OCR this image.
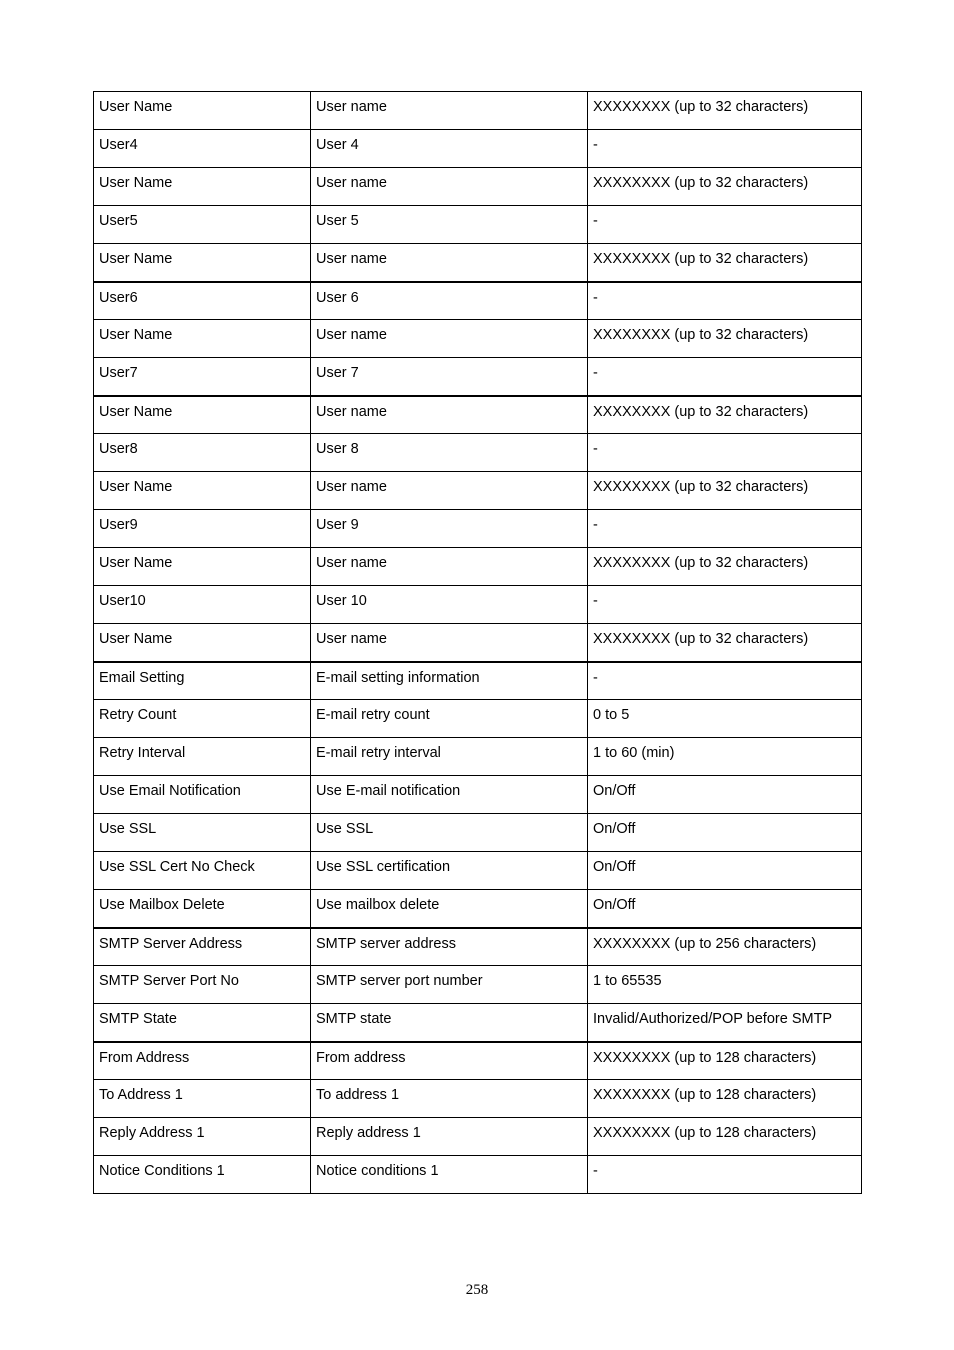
User Name	User name	XXXXXXXX (up to 32 characters)

User4	User 4	-

User Name	User name	XXXXXXXX (up to 32 characters)

User5	User 5	-

User Name	User name	XXXXXXXX (up to 32 characters)

User6	User 6	-

User Name	User name	XXXXXXXX (up to 32 characters)

User7	User 7	-

User Name	User name	XXXXXXXX (up to 32 characters)

User8	User 8	-

User Name	User name	XXXXXXXX (up to 32 characters)

User9	User 9	-

User Name	User name	XXXXXXXX (up to 32 characters)

User10	User 10	-

User Name	User name	XXXXXXXX (up to 32 characters)

Email Setting	E-mail setting information	-

Retry Count	E-mail retry count	0 to 5

Retry Interval	E-mail retry interval	1 to 60 (min)

Use Email Notification	Use E-mail notification	On/Off

Use SSL	Use SSL	On/Off

Use SSL Cert No Check	Use SSL certification	On/Off

Use Mailbox Delete	Use mailbox delete	On/Off

SMTP Server Address	SMTP server address	XXXXXXXX (up to 256 characters)

SMTP Server Port No	SMTP server port number	1 to 65535

SMTP State	SMTP state	Invalid/Authorized/POP before SMTP

From Address	From address	XXXXXXXX (up to 128 characters)

To Address 1	To address 1	XXXXXXXX (up to 128 characters)

Reply Address 1	Reply address 1	XXXXXXXX (up to 128 characters)

Notice Conditions 1	Notice conditions 1	-
258
